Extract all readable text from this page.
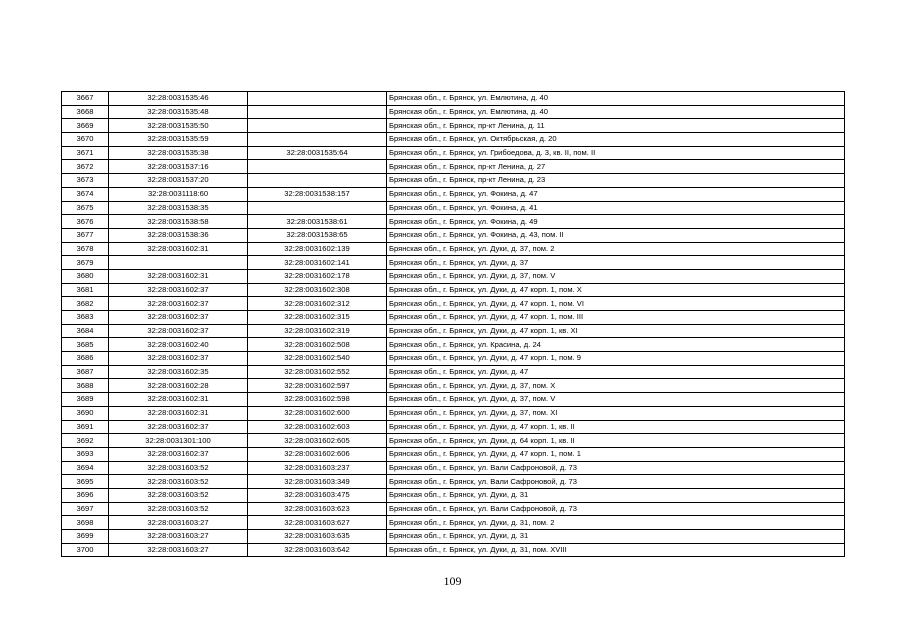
3667	32:28:0031535:46		Брянская обл., г. Брянск, ул. Емлютина, д. 40
3668	32:28:0031535:48		Брянская обл., г. Брянск, ул. Емлютина, д. 40
3669	32:28:0031535:50		Брянская обл., г. Брянск, пр-кт Ленина, д. 11
3670	32:28:0031535:59		Брянская обл., г. Брянск, ул. Октябрьская, д. 20
3671	32:28:0031535:38	32:28:0031535:64	Брянская обл., г. Брянск, ул. Грибоедова, д. 3, кв. II, пом. II
3672	32:28:0031537:16		Брянская обл., г. Брянск, пр-кт Ленина, д. 27
3673	32:28:0031537:20		Брянская обл., г. Брянск, пр-кт Ленина, д. 23
3674	32:28:0031118:60	32:28:0031538:157	Брянская обл., г. Брянск, ул. Фокина, д. 47
3675	32:28:0031538:35		Брянская обл., г. Брянск, ул. Фокина, д. 41
3676	32:28:0031538:58	32:28:0031538:61	Брянская обл., г. Брянск, ул. Фокина, д. 49
3677	32:28:0031538:36	32:28:0031538:65	Брянская обл., г. Брянск, ул. Фокина, д. 43, пом. II
3678	32:28:0031602:31	32:28:0031602:139	Брянская обл., г. Брянск, ул. Дуки, д. 37, пом. 2
3679		32:28:0031602:141	Брянская обл., г. Брянск, ул. Дуки, д. 37
3680	32:28:0031602:31	32:28:0031602:178	Брянская обл., г. Брянск, ул. Дуки, д. 37, пом. V
3681	32:28:0031602:37	32:28:0031602:308	Брянская обл., г. Брянск, ул. Дуки, д. 47 корп. 1, пом. X
3682	32:28:0031602:37	32:28:0031602:312	Брянская обл., г. Брянск, ул. Дуки, д. 47 корп. 1, пом. VI
3683	32:28:0031602:37	32:28:0031602:315	Брянская обл., г. Брянск, ул. Дуки, д. 47 корп. 1, пом. III
3684	32:28:0031602:37	32:28:0031602:319	Брянская обл., г. Брянск, ул. Дуки, д. 47 корп. 1, кв. XI
3685	32:28:0031602:40	32:28:0031602:508	Брянская обл., г. Брянск, ул. Красина, д. 24
3686	32:28:0031602:37	32:28:0031602:540	Брянская обл., г. Брянск, ул. Дуки, д. 47 корп. 1, пом. 9
3687	32:28:0031602:35	32:28:0031602:552	Брянская обл., г. Брянск, ул. Дуки, д. 47
3688	32:28:0031602:28	32:28:0031602:597	Брянская обл., г. Брянск, ул. Дуки, д. 37, пом. X
3689	32:28:0031602:31	32:28:0031602:598	Брянская обл., г. Брянск, ул. Дуки, д. 37, пом. V
3690	32:28:0031602:31	32:28:0031602:600	Брянская обл., г. Брянск, ул. Дуки, д. 37, пом. XI
3691	32:28:0031602:37	32:28:0031602:603	Брянская обл., г. Брянск, ул. Дуки, д. 47 корп. 1, кв. II
3692	32:28:0031301:100	32:28:0031602:605	Брянская обл., г. Брянск, ул. Дуки, д. 64 корп. 1, кв. II
3693	32:28:0031602:37	32:28:0031602:606	Брянская обл., г. Брянск, ул. Дуки, д. 47 корп. 1, пом. 1
3694	32:28:0031603:52	32:28:0031603:237	Брянская обл., г. Брянск, ул. Вали Сафроновой, д. 73
3695	32:28:0031603:52	32:28:0031603:349	Брянская обл., г. Брянск, ул. Вали Сафроновой, д. 73
3696	32:28:0031603:52	32:28:0031603:475	Брянская обл., г. Брянск, ул. Дуки, д. 31
3697	32:28:0031603:52	32:28:0031603:623	Брянская обл., г. Брянск, ул. Вали Сафроновой, д. 73
3698	32:28:0031603:27	32:28:0031603:627	Брянская обл., г. Брянск, ул. Дуки, д. 31, пом. 2
3699	32:28:0031603:27	32:28:0031603:635	Брянская обл., г. Брянск, ул. Дуки, д. 31
3700	32:28:0031603:27	32:28:0031603:642	Брянская обл., г. Брянск, ул. Дуки, д. 31, пом. XVIII
109
